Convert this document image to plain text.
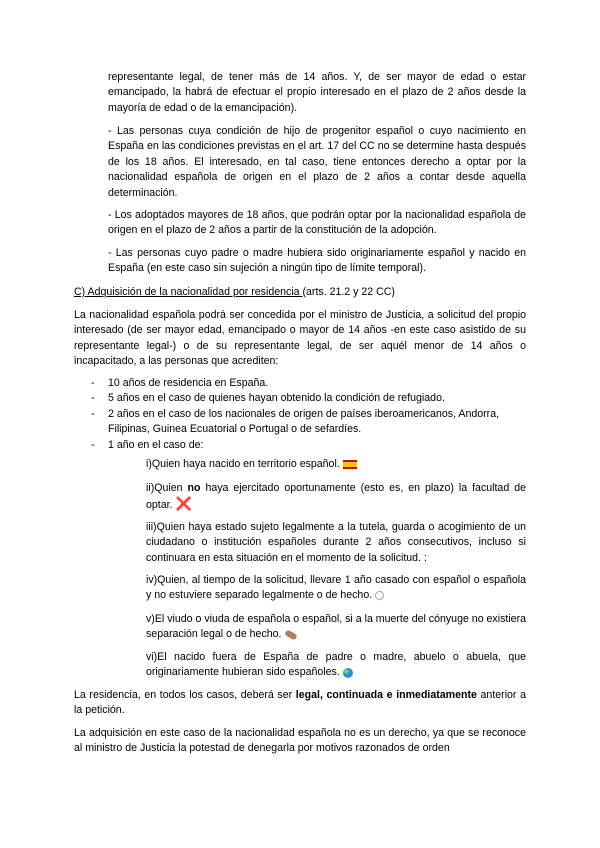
representante legal, de tener más de 14 años. Y, de ser mayor de edad o estar emancipado, la habrá de efectuar el propio interesado en el plazo de 2 años desde la mayoría de edad o de la emancipación).

- Las personas cuya condición de hijo de progenitor español o cuyo nacimiento en España en las condiciones previstas en el art. 17 del CC no se determine hasta después de los 18 años. El interesado, en tal caso, tiene entonces derecho a optar por la nacionalidad española de origen en el plazo de 2 años a contar desde aquella determinación.

- Los adoptados mayores de 18 años, que podrán optar por la nacionalidad española de origen en el plazo de 2 años a partir de la constitución de la adopción.

- Las personas cuyo padre o madre hubiera sido originariamente español y nacido en España (en este caso sin sujeción a ningún tipo de límite temporal).

C) Adquisición de la nacionalidad por residencia (arts. 21.2 y 22 CC)

La nacionalidad española podrá ser concedida por el ministro de Justicia, a solicitud del propio interesado (de ser mayor edad, emancipado o mayor de 14 años -en este caso asistido de su representante legal-) o de su representante legal, de ser aquél menor de 14 años o incapacitado, a las personas que acrediten:

- 10 años de residencia en España.
- 5 años en el caso de quienes hayan obtenido la condición de refugiado.
- 2 años en el caso de los nacionales de origen de países iberoamericanos, Andorra, Filipinas, Guinea Ecuatorial o Portugal o de sefardíes.
- 1 año en el caso de:

i)Quien haya nacido en territorio español.

ii)Quien no haya ejercitado oportunamente (esto es, en plazo) la facultad de optar. ❌

iii)Quien haya estado sujeto legalmente a la tutela, guarda o acogimiento de un ciudadano o institución españoles durante 2 años consecutivos, incluso si continuara en esta situación en el momento de la solicitud. :

iv)Quien, al tiempo de la solicitud, llevare 1 año casado con español o española y no estuviere separado legalmente o de hecho.

v)El viudo o viuda de española o español, si a la muerte del cónyuge no existiera separación legal o de hecho.

vi)El nacido fuera de España de padre o madre, abuelo o abuela, que originariamente hubieran sido españoles.

La residencia, en todos los casos, deberá ser legal, continuada e inmediatamente anterior a la petición.

La adquisición en este caso de la nacionalidad española no es un derecho, ya que se reconoce al ministro de Justicia la potestad de denegarla por motivos razonados de orden
